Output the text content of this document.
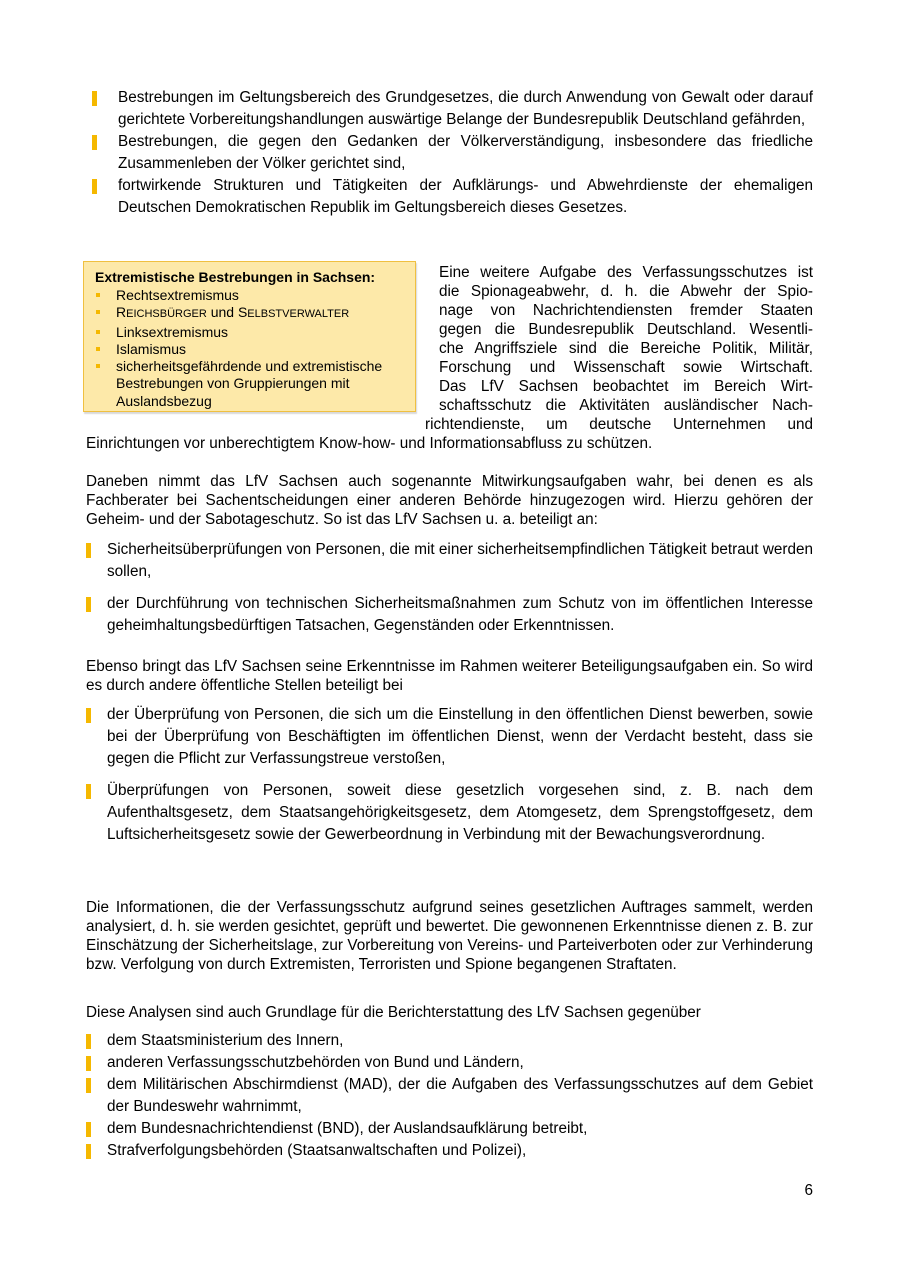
Bestrebungen im Geltungsbereich des Grundgesetzes, die durch Anwendung von Gewalt oder darauf gerichtete Vorbereitungshandlungen auswärtige Belange der Bundesrepublik Deutschland gefährden,
Bestrebungen, die gegen den Gedanken der Völkerverständigung, insbesondere das friedliche Zusammenleben der Völker gerichtet sind,
fortwirkende Strukturen und Tätigkeiten der Aufklärungs- und Abwehrdienste der ehemaligen Deutschen Demokratischen Republik im Geltungsbereich dieses Gesetzes.
Extremistische Bestrebungen in Sachsen:
Rechtsextremismus
REICHSBÜRGER und SELBSTVERWALTER
Linksextremismus
Islamismus
sicherheitsgefährdende und extremistische Bestrebungen von Gruppierungen mit Auslandsbezug
Eine weitere Aufgabe des Verfassungsschutzes ist
die Spionageabwehr, d. h. die Abwehr der Spio-
nage von Nachrichtendiensten fremder Staaten
gegen die Bundesrepublik Deutschland. Wesentli-
che Angriffsziele sind die Bereiche Politik, Militär,
Forschung und Wissenschaft sowie Wirtschaft.
Das LfV Sachsen beobachtet im Bereich Wirt-
schaftsschutz die Aktivitäten ausländischer Nach-
richtendienste, um deutsche Unternehmen und
Einrichtungen vor unberechtigtem Know-how- und Informationsabfluss zu schützen.
Daneben nimmt das LfV Sachsen auch sogenannte Mitwirkungsaufgaben wahr, bei denen es als Fachberater bei Sachentscheidungen einer anderen Behörde hinzugezogen wird. Hierzu gehören der Geheim- und der Sabotageschutz. So ist das LfV Sachsen u. a. beteiligt an:
Sicherheitsüberprüfungen von Personen, die mit einer sicherheitsempfindlichen Tätigkeit betraut werden sollen,
der Durchführung von technischen Sicherheitsmaßnahmen zum Schutz von im öffentlichen Interesse geheimhaltungsbedürftigen Tatsachen, Gegenständen oder Erkenntnissen.
Ebenso bringt das LfV Sachsen seine Erkenntnisse im Rahmen weiterer Beteiligungsaufgaben ein. So wird es durch andere öffentliche Stellen beteiligt bei
der Überprüfung von Personen, die sich um die Einstellung in den öffentlichen Dienst bewerben, sowie bei der Überprüfung von Beschäftigten im öffentlichen Dienst, wenn der Verdacht besteht, dass sie gegen die Pflicht zur Verfassungstreue verstoßen,
Überprüfungen von Personen, soweit diese gesetzlich vorgesehen sind, z. B. nach dem Aufenthaltsgesetz, dem Staatsangehörigkeitsgesetz, dem Atomgesetz, dem Sprengstoffgesetz, dem Luftsicherheitsgesetz sowie der Gewerbeordnung in Verbindung mit der Bewachungsverordnung.
Die Informationen, die der Verfassungsschutz aufgrund seines gesetzlichen Auftrages sammelt, werden analysiert, d. h. sie werden gesichtet, geprüft und bewertet. Die gewonnenen Erkenntnisse dienen z. B. zur Einschätzung der Sicherheitslage, zur Vorbereitung von Vereins- und Parteiverboten oder zur Verhinderung bzw. Verfolgung von durch Extremisten, Terroristen und Spione begangenen Straftaten.
Diese Analysen sind auch Grundlage für die Berichterstattung des LfV Sachsen gegenüber
dem Staatsministerium des Innern,
anderen Verfassungsschutzbehörden von Bund und Ländern,
dem Militärischen Abschirmdienst (MAD), der die Aufgaben des Verfassungsschutzes auf dem Gebiet der Bundeswehr wahrnimmt,
dem Bundesnachrichtendienst (BND), der Auslandsaufklärung betreibt,
Strafverfolgungsbehörden (Staatsanwaltschaften und Polizei),
6
